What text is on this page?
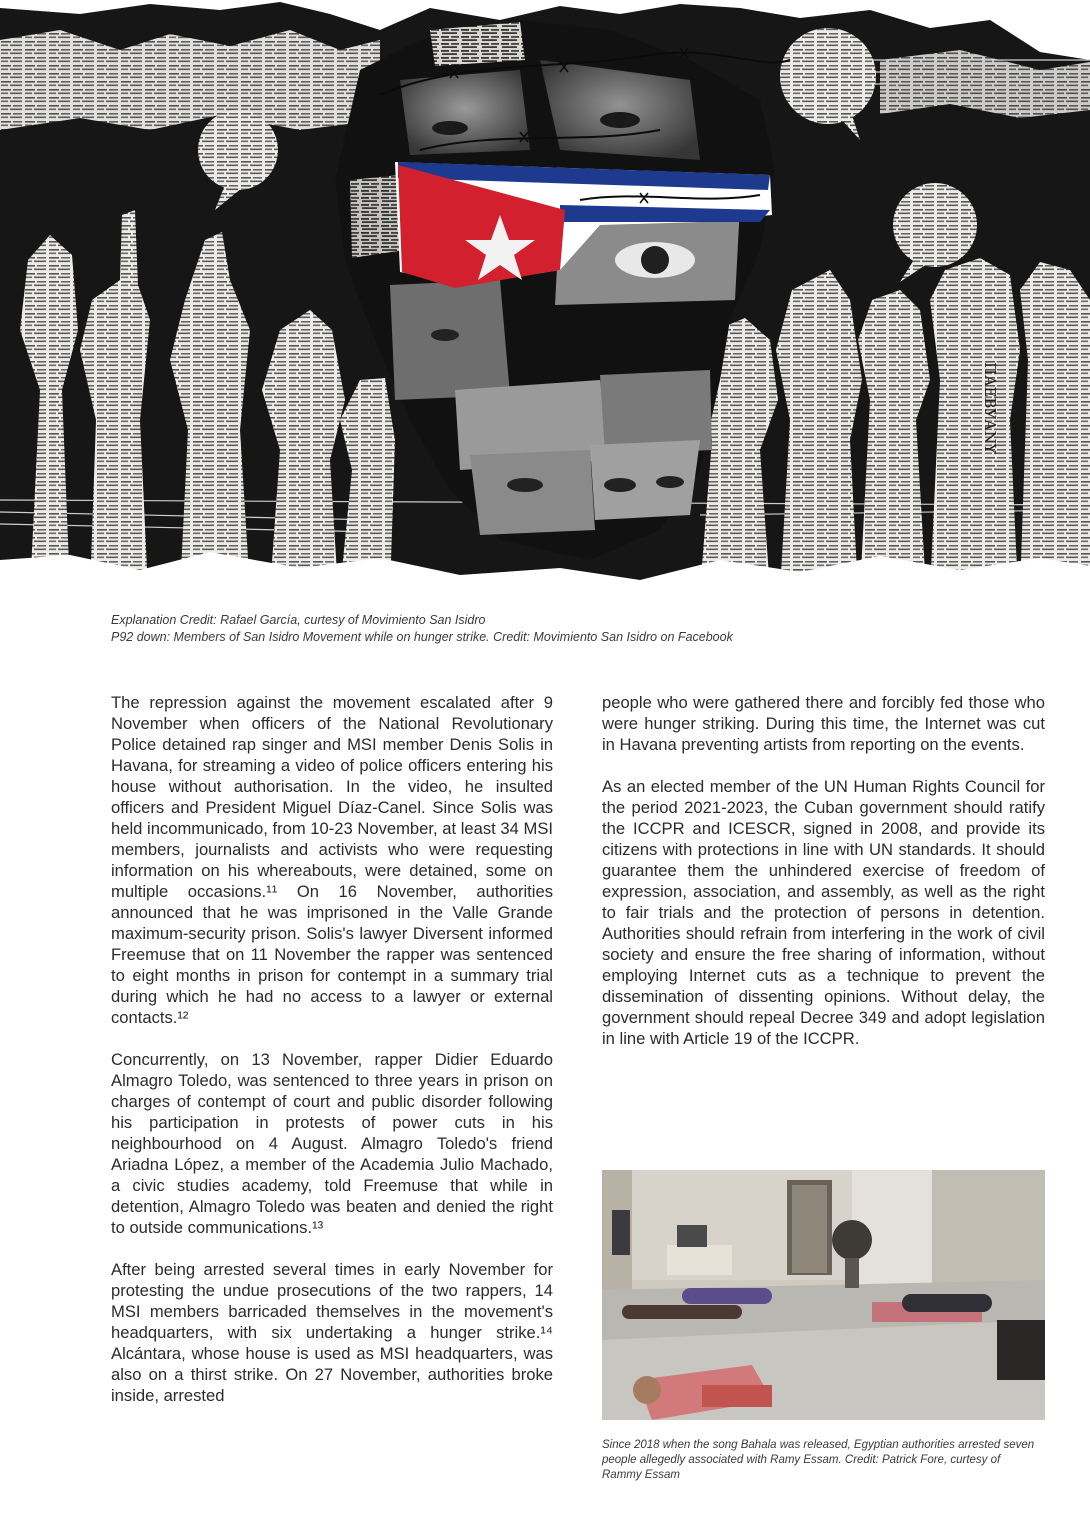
ПАЕВУАNY
Explanation Credit: Rafael García, curtesy of Movimiento San Isidro
P92 down: Members of San Isidro Movement while on hunger strike. Credit: Movimiento San Isidro on Facebook

The repression against the movement escalated after 9 November when officers of the National Revolutionary Police detained rap singer and MSI member Denis Solis in Havana, for streaming a video of police officers entering his house without authorisation. In the video, he insulted officers and President Miguel Díaz-Canel. Since Solis was held incommunicado, from 10-23 November, at least 34 MSI members, journalists and activists who were requesting information on his whereabouts, were detained, some on multiple occasions.¹¹ On 16 November, authorities announced that he was imprisoned in the Valle Grande maximum-security prison. Solis's lawyer Diversent informed Freemuse that on 11 November the rapper was sentenced to eight months in prison for contempt in a summary trial during which he had no access to a lawyer or external contacts.¹²

Concurrently, on 13 November, rapper Didier Eduardo Almagro Toledo, was sentenced to three years in prison on charges of contempt of court and public disorder following his participation in protests of power cuts in his neighbourhood on 4 August. Almagro Toledo's friend Ariadna López, a member of the Academia Julio Machado, a civic studies academy, told Freemuse that while in detention, Almagro Toledo was beaten and denied the right to outside communications.¹³

After being arrested several times in early November for protesting the undue prosecutions of the two rappers, 14 MSI members barricaded themselves in the movement's headquarters, with six undertaking a hunger strike.¹⁴ Alcántara, whose house is used as MSI headquarters, was also on a thirst strike. On 27 November, authorities broke inside, arrested

people who were gathered there and forcibly fed those who were hunger striking. During this time, the Internet was cut in Havana preventing artists from reporting on the events.

As an elected member of the UN Human Rights Council for the period 2021-2023, the Cuban government should ratify the ICCPR and ICESCR, signed in 2008, and provide its citizens with protections in line with UN standards. It should guarantee them the unhindered exercise of freedom of expression, association, and assembly, as well as the right to fair trials and the protection of persons in detention. Authorities should refrain from interfering in the work of civil society and ensure the free sharing of information, without employing Internet cuts as a technique to prevent the dissemination of dissenting opinions. Without delay, the government should repeal Decree 349 and adopt legislation in line with Article 19 of the ICCPR.

Since 2018 when the song Bahala was released, Egyptian authorities arrested seven people allegedly associated with Ramy Essam. Credit: Patrick Fore, curtesy of Rammy Essam
